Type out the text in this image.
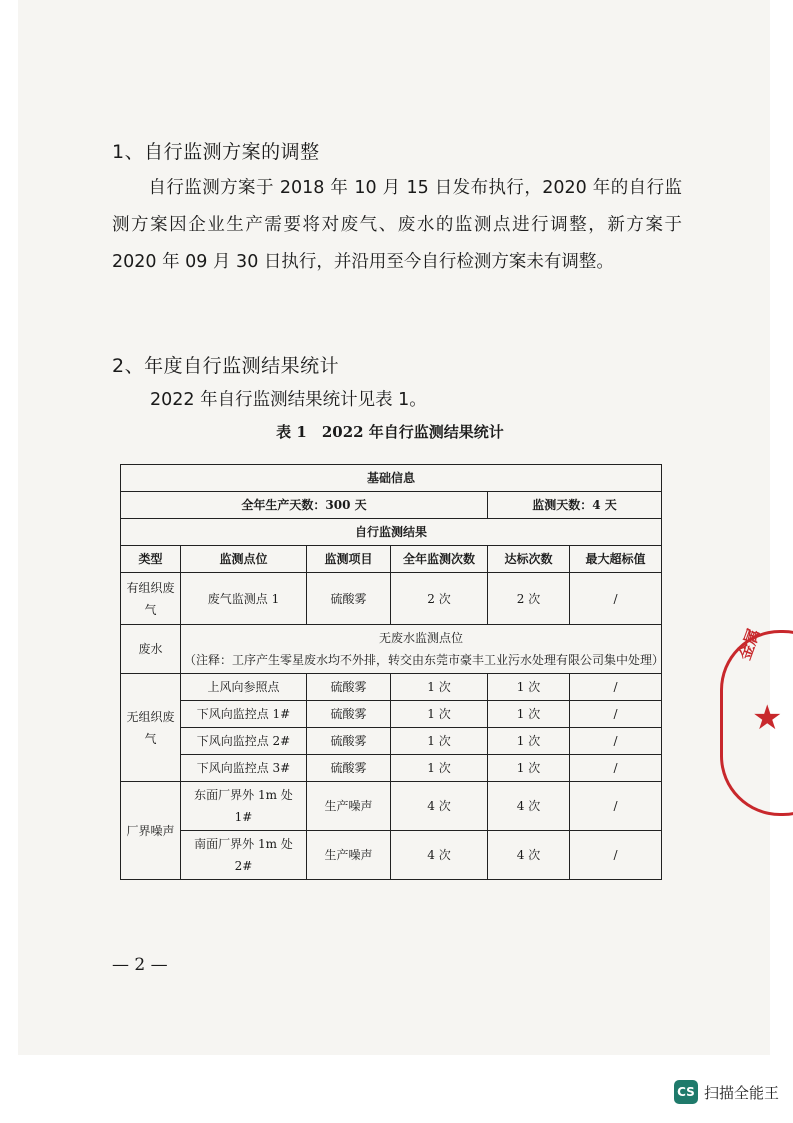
1、自行监测方案的调整
自行监测方案于 2018 年 10 月 15 日发布执行，2020 年的自行监测方案因企业生产需要将对废气、废水的监测点进行调整，新方案于 2020 年 09 月 30 日执行，并沿用至今自行检测方案未有调整。
2、年度自行监测结果统计
2022 年自行监测结果统计见表 1。
表 1　2022 年自行监测结果统计
基础信息					
全年生产天数：300 天				监测天数：4 天	
自行监测结果					
类型	监测点位	监测项目	全年监测次数	达标次数	最大超标值
有组织废气	废气监测点 1	硫酸雾	2 次	2 次	/
废水	无废水监测点位
（注释：工序产生零星废水均不外排，转交由东莞市豪丰工业污水处理有限公司集中处理）				

无组织废气	上风向参照点	硫酸雾	1 次	1 次	/
	下风向监控点 1#	硫酸雾	1 次	1 次	/
	下风向监控点 2#	硫酸雾	1 次	1 次	/
	下风向监控点 3#	硫酸雾	1 次	1 次	/
厂界噪声	东面厂界外 1m 处 1#	生产噪声	4 次	4 次	/
	南面厂界外 1m 处 2#	生产噪声	4 次	4 次	/
— 2 —
金属
★
CS 扫描全能王
